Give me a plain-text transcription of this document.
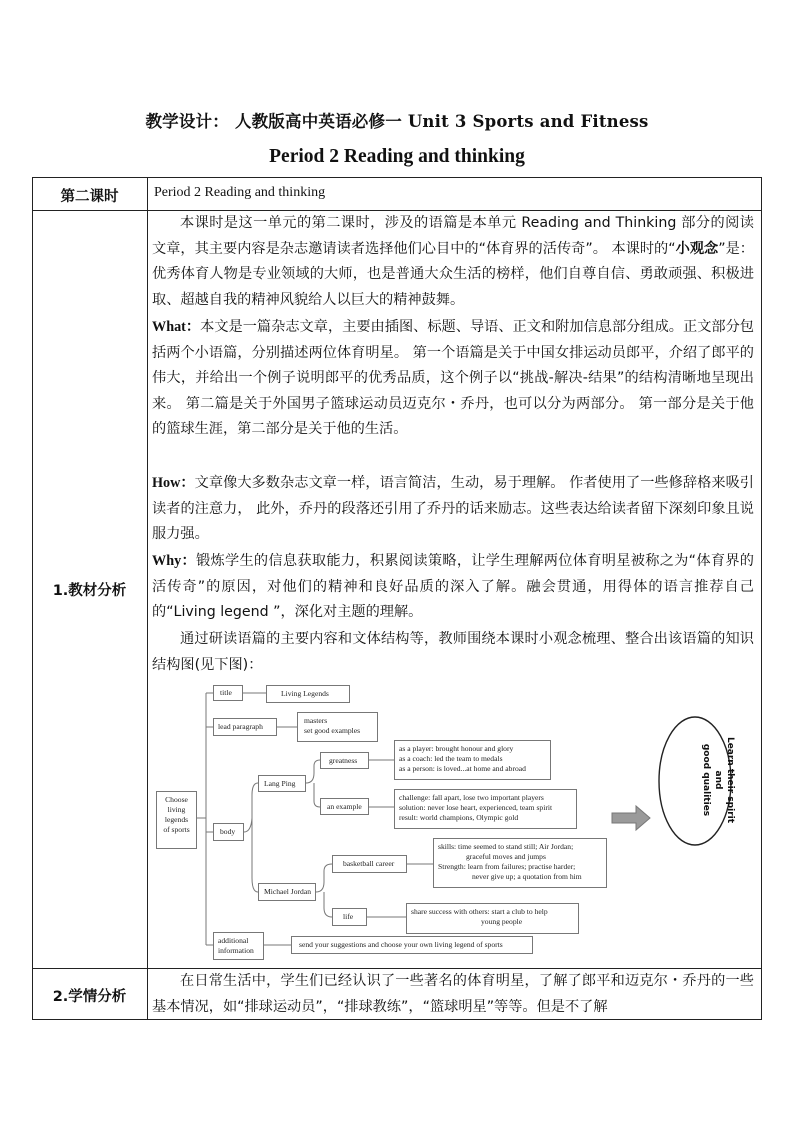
教学设计： 人教版高中英语必修一 Unit 3 Sports and Fitness
Period 2 Reading and thinking
第二课时	Period 2 Reading and thinking
1.教材分析

本课时是这一单元的第二课时，涉及的语篇是本单元 Reading and Thinking 部分的阅读文章，其主要内容是杂志邀请读者选择他们心目中的“体育界的活传奇”。 本课时的“小观念”是：优秀体育人物是专业领域的大师，也是普通大众生活的榜样，他们自尊自信、勇敢顽强、积极进取、超越自我的精神风貌给人以巨大的精神鼓舞。

What：本文是一篇杂志文章，主要由插图、标题、导语、正文和附加信息部分组成。正文部分包括两个小语篇，分别描述两位体育明星。 第一个语篇是关于中国女排运动员郎平，介绍了郎平的伟大，并给出一个例子说明郎平的优秀品质，这个例子以“挑战-解决-结果”的结构清晰地呈现出来。 第二篇是关于外国男子篮球运动员迈克尔・乔丹，也可以分为两部分。 第一部分是关于他的篮球生涯，第二部分是关于他的生活。

How：文章像大多数杂志文章一样，语言简洁，生动，易于理解。 作者使用了一些修辞格来吸引读者的注意力， 此外，乔丹的段落还引用了乔丹的话来励志。这些表达给读者留下深刻印象且说服力强。

Why：锻炼学生的信息获取能力，积累阅读策略，让学生理解两位体育明星被称之为“体育界的活传奇”的原因，对他们的精神和良好品质的深入了解。融会贯通，用得体的语言推荐自己的“Living legend ”，深化对主题的理解。

通过研读语篇的主要内容和文体结构等，教师围绕本课时小观念梳理、整合出该语篇的知识结构图(见下图)：

2.学情分析

在日常生活中，学生们已经认识了一些著名的体育明星，了解了郎平和迈克尔・乔丹的一些基本情况，如“排球运动员”，“排球教练”，“篮球明星”等等。但是不了解

Choose
living
legends
of sports
title	Living Legends
lead paragraph
masters
set good examples
body
Lang Ping
greatness
as a player: brought honour and glory
as a coach: led the team to medals
as a person: is loved...at home and abroad
an example
challenge: fall apart, lose two important players
solution: never lose heart, experienced, team spirit
result: world champions, Olympic gold
Michael Jordan
basketball career
skills: time seemed to stand still; Air Jordan;
graceful moves and jumps
Strength: learn from failures; practise harder;
never give up; a quotation from him
life
share success with others: start a club to help
young people
additional
information
send your suggestions and choose your own living legend of sports
Learn their spirit and
good qualities
